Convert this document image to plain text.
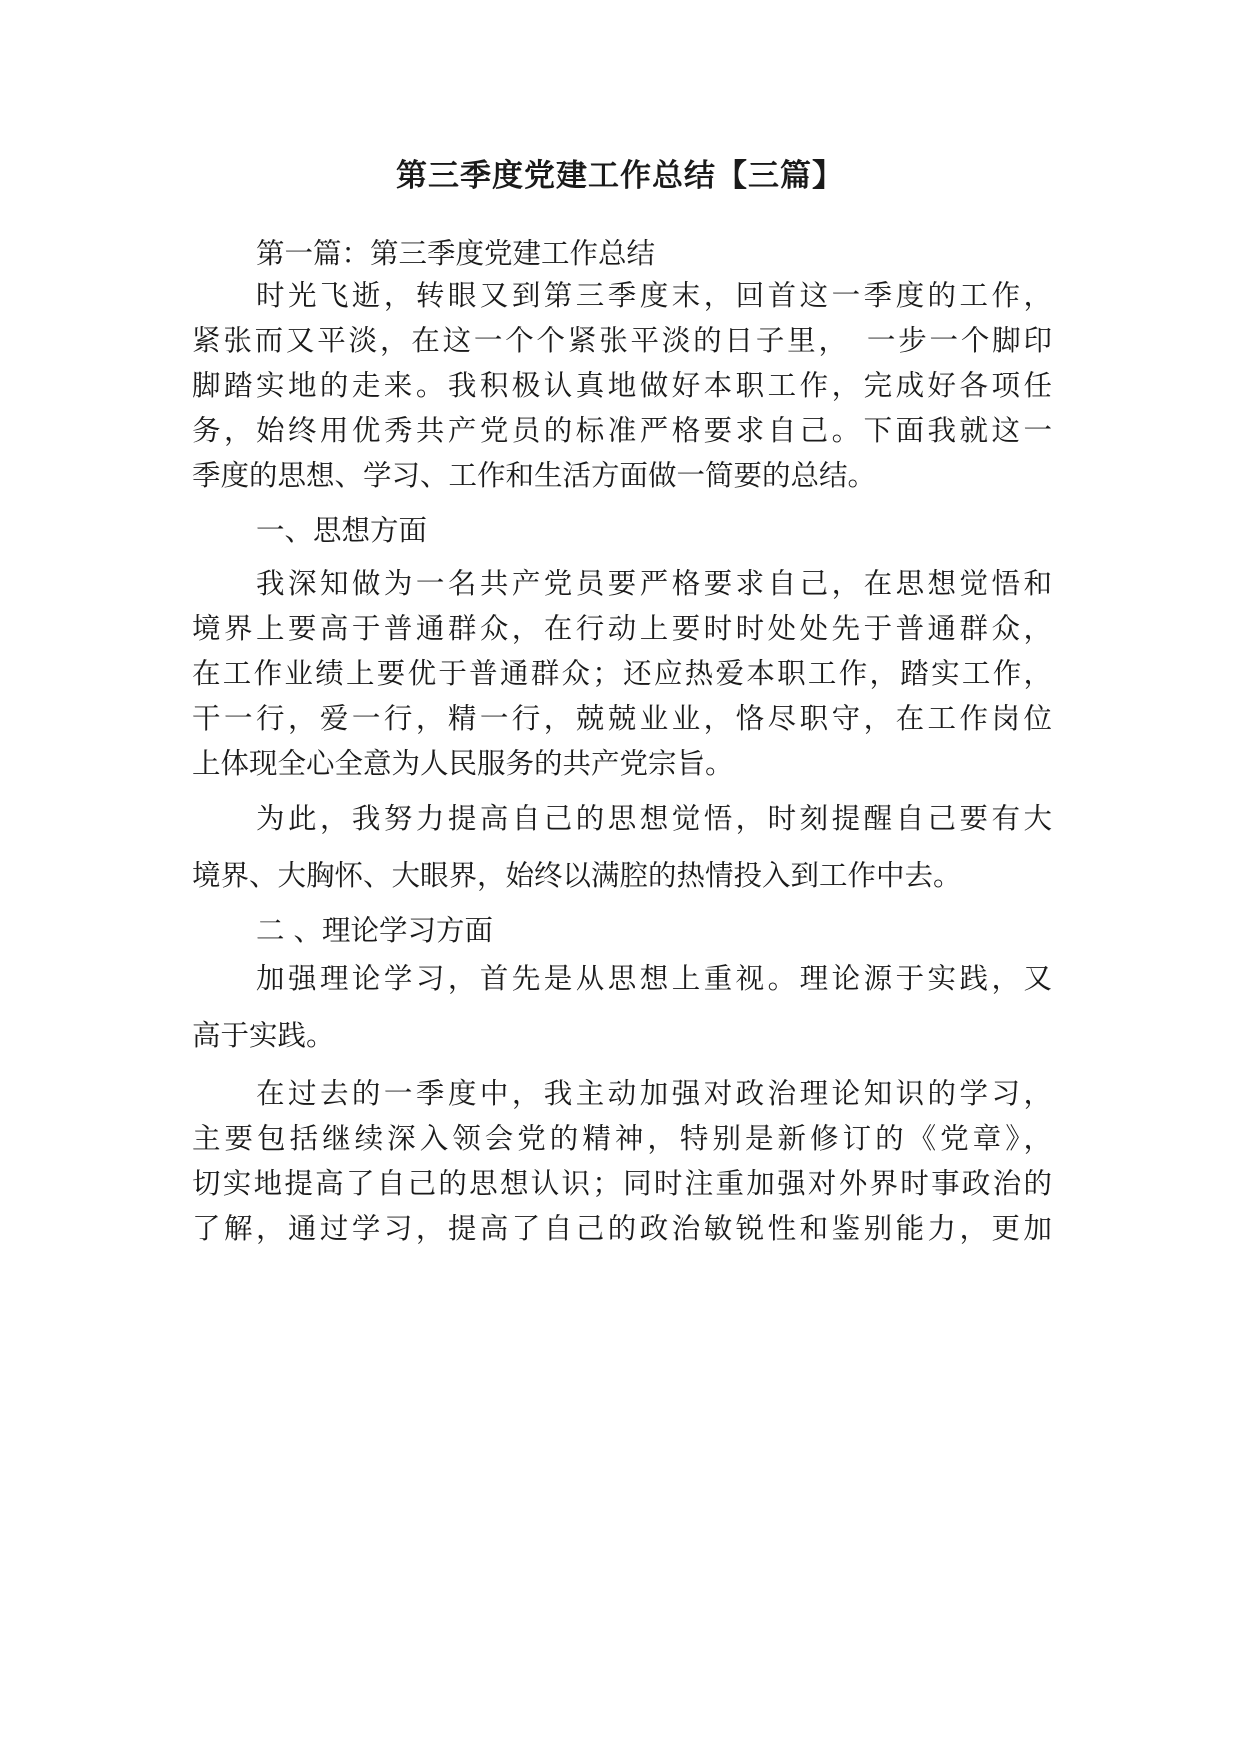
第三季度党建工作总结【三篇】
第一篇：第三季度党建工作总结
时光飞逝，转眼又到第三季度末，回首这一季度的工作，
紧张而又平淡，在这一个个紧张平淡的日子里，　一步一个脚印
脚踏实地的走来。我积极认真地做好本职工作，完成好各项任
务，始终用优秀共产党员的标准严格要求自己。下面我就这一
季度的思想、学习、工作和生活方面做一简要的总结。
一、思想方面
我深知做为一名共产党员要严格要求自己，在思想觉悟和
境界上要高于普通群众，在行动上要时时处处先于普通群众，
在工作业绩上要优于普通群众；还应热爱本职工作，踏实工作，
干一行，爱一行，精一行，兢兢业业，恪尽职守，在工作岗位
上体现全心全意为人民服务的共产党宗旨。
为此，我努力提高自己的思想觉悟，时刻提醒自己要有大
境界、大胸怀、大眼界，始终以满腔的热情投入到工作中去。
二 、理论学习方面
加强理论学习，首先是从思想上重视。理论源于实践，又
高于实践。
在过去的一季度中，我主动加强对政治理论知识的学习，
主要包括继续深入领会党的精神，特别是新修订的《党章》，
切实地提高了自己的思想认识；同时注重加强对外界时事政治的
了解，通过学习，提高了自己的政治敏锐性和鉴别能力，更加
